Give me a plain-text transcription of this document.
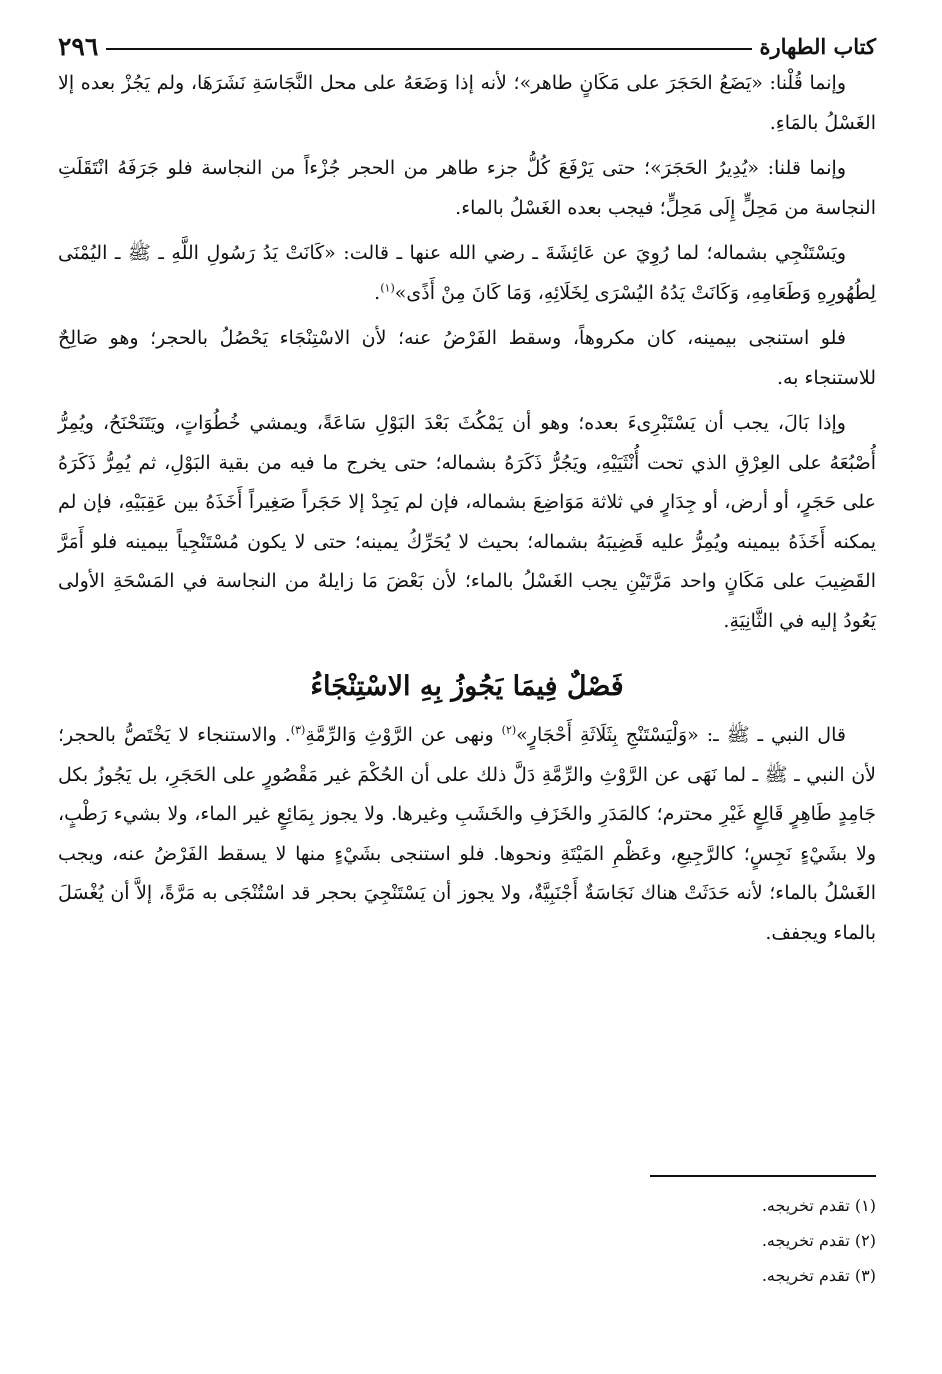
٢٩٦	كتاب الطهارة

وإنما قُلْنا: «يَضَعُ الحَجَرَ على مَكَانٍ طاهر»؛ لأنه إذا وَضَعَهُ على محل النَّجَاسَةِ نَشَرَهَا، ولم يَجُزْ بعده إلا الغَسْلُ بالمَاءِ.

وإنما قلنا: «يُدِيرُ الحَجَرَ»؛ حتى يَرْفَعَ كُلُّ جزء طاهر من الحجر جُزْءاً من النجاسة فلو جَرَفَهُ انْتَقَلَتِ النجاسة من مَحِلٍّ إِلَى مَحِلٍّ؛ فيجب بعده الغَسْلُ بالماء.

ويَسْتَنْجِي بشماله؛ لما رُوِيَ عن عَائِشَةَ ـ رضي الله عنها ـ قالت: «كَانَتْ يَدُ رَسُولِ اللَّهِ ـ ﷺ ـ اليُمْنَى لِطُهُورِهِ وَطَعَامِهِ، وَكَانَتْ يَدُهُ اليُسْرَى لِخَلَائِهِ، وَمَا كَانَ مِنْ أَذًى»$^{(١)}$.

فلو استنجى بيمينه، كان مكروهاً، وسقط الفَرْضُ عنه؛ لأن الاسْتِنْجَاء يَحْصُلُ بالحجر؛ وهو صَالِحٌ للاستنجاء به.

وإذا بَالَ، يجب أن يَسْتَبْرِىءَ بعده؛ وهو أن يَمْكُثَ بَعْدَ البَوْلِ سَاعَةً، ويمشي خُطُوَاتٍ، ويَتَنَحْنَحُ، ويُمِرُّ أُصْبُعَهُ على العِرْقِ الذي تحت أُنْثَيَيْهِ، ويَجُرُّ ذَكَرَهُ بشماله؛ حتى يخرج ما فيه من بقية البَوْلِ، ثم يُمِرُّ ذَكَرَهُ على حَجَرٍ، أو أرض، أو جِدَارٍ في ثلاثة مَوَاضِعَ بشماله، فإن لم يَجِدْ إلا حَجَراً صَغِيراً أَخَذَهُ بين عَقِبَيْهِ، فإن لم يمكنه أَخَذَهُ بيمينه ويُمِرُّ عليه قَضِيبَهُ بشماله؛ بحيث لا يُحَرِّكُ يمينه؛ حتى لا يكون مُسْتَنْجِياً بيمينه فلو أَمَرَّ القَضِيبَ على مَكَانٍ واحد مَرَّتَيْنِ يجب الغَسْلُ بالماء؛ لأن بَعْضَ مَا زايلهُ من النجاسة في المَسْحَةِ الأولى يَعُودُ إليه في الثَّانِيَةِ.

فَصْلٌ فِيمَا يَجُوزُ بِهِ الاسْتِنْجَاءُ

قال النبي ـ ﷺ ـ: «وَلْيَسْتَنْجِ بِثَلَاثَةِ أَحْجَارٍ»$^{(٢)}$ ونهى عن الرَّوْثِ وَالرِّمَّةِ$^{(٣)}$. والاستنجاء لا يَخْتَصُّ بالحجر؛ لأن النبي ـ ﷺ ـ لما نَهَى عن الرَّوْثِ والرِّمَّةِ دَلَّ ذلك على أن الحُكْمَ غير مَقْصُورٍ على الحَجَرِ، بل يَجُوزُ بكل جَامِدٍ طَاهِرٍ قَالِعٍ غَيْرِ محترم؛ كالمَدَرِ والخَزَفِ والخَشَبِ وغيرها. ولا يجوز بِمَائِعٍ غير الماء، ولا بشيء رَطْبٍ، ولا بشَيْءٍ نَجِسٍ؛ كالرَّجِيعِ، وعَظْمِ المَيْتَةِ ونحوها. فلو استنجى بشَيْءٍ منها لا يسقط الفَرْضُ عنه، ويجب الغَسْلُ بالماء؛ لأنه حَدَثَتْ هناك نَجَاسَةٌ أَجْنَبِيَّةٌ، ولا يجوز أن يَسْتَنْجِيَ بحجر قد اسْتُنْجَى به مَرَّةً، إلاَّ أن يُغْسَلَ بالماء ويجفف.

(١) تقدم تخريجه.
(٢) تقدم تخريجه.
(٣) تقدم تخريجه.
